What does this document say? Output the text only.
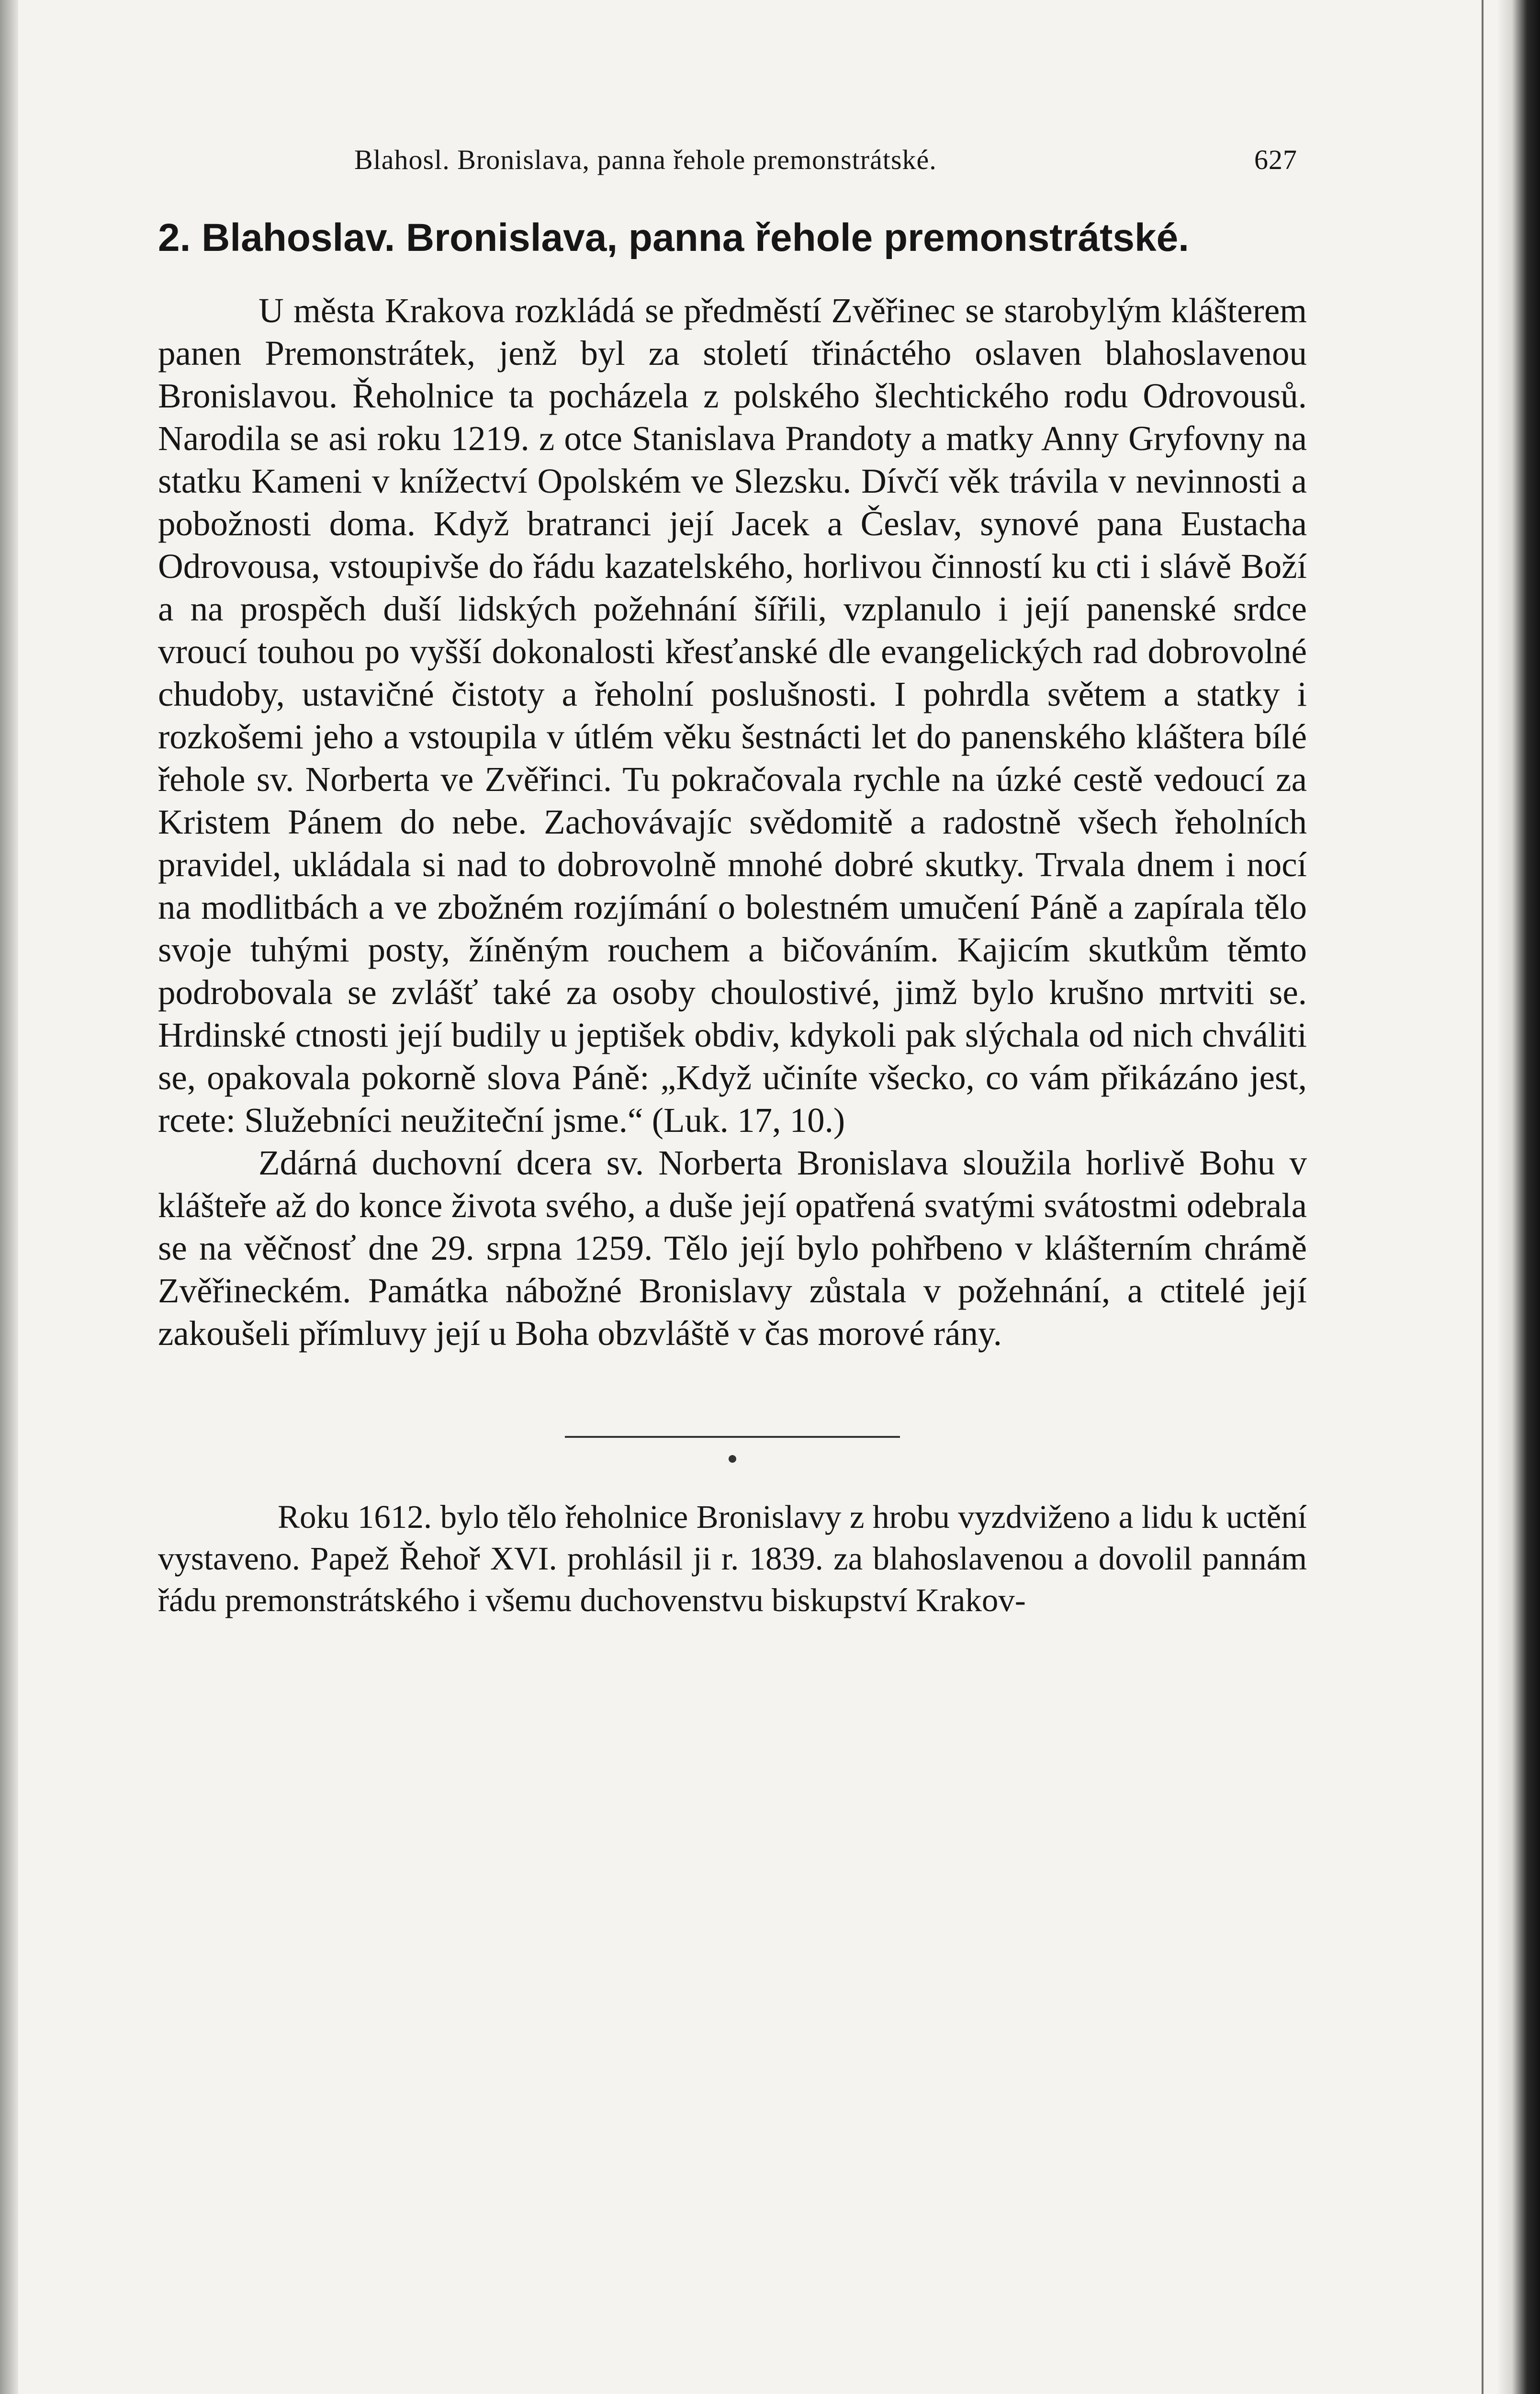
Blahosl. Bronislava, panna řehole premonstrátské.	627
2. Blahoslav. Bronislava, panna řehole premonstrátské.

U města Krakova rozkládá se předměstí Zvěřinec se starobylým klášterem panen Premonstrátek, jenž byl za století třináctého oslaven blahoslavenou Bronislavou. Řeholnice ta pocházela z polského šlechtického rodu Odrovousů. Narodila se asi roku 1219. z otce Stanislava Prandoty a matky Anny Gryfovny na statku Kameni v knížectví Opolském ve Slezsku. Dívčí věk trávila v nevinnosti a pobožnosti doma. Když bratranci její Jacek a Česlav, synové pana Eustacha Odrovousa, vstoupivše do řádu kazatelského, horlivou činností ku cti i slávě Boží a na prospěch duší lidských požehnání šířili, vzplanulo i její panenské srdce vroucí touhou po vyšší dokonalosti křesťanské dle evangelických rad dobrovolné chudoby, ustavičné čistoty a řeholní poslušnosti. I pohrdla světem a statky i rozkošemi jeho a vstoupila v útlém věku šestnácti let do panenského kláštera bílé řehole sv. Norberta ve Zvěřinci. Tu pokračovala rychle na úzké cestě vedoucí za Kristem Pánem do nebe. Zachovávajíc svědomitě a radostně všech řeholních pravidel, ukládala si nad to dobrovolně mnohé dobré skutky. Trvala dnem i nocí na modlitbách a ve zbožném rozjímání o bolestném umučení Páně a zapírala tělo svoje tuhými posty, žíněným rouchem a bičováním. Kajicím skutkům těmto podrobovala se zvlášť také za osoby choulostivé, jimž bylo krušno mrtviti se. Hrdinské ctnosti její budily u jeptišek obdiv, kdykoli pak slýchala od nich chváliti se, opakovala pokorně slova Páně: „Když učiníte všecko, co vám přikázáno jest, rcete: Služebníci neužiteční jsme.“ (Luk. 17, 10.)

Zdárná duchovní dcera sv. Norberta Bronislava sloužila horlivě Bohu v klášteře až do konce života svého, a duše její opatřená svatými svátostmi odebrala se na věčnosť dne 29. srpna 1259. Tělo její bylo pohřbeno v klášterním chrámě Zvěřineckém. Památka nábožné Bronislavy zůstala v požehnání, a ctitelé její zakoušeli přímluvy její u Boha obzvláště v čas morové rány.

Roku 1612. bylo tělo řeholnice Bronislavy z hrobu vyzdviženo a lidu k uctění vystaveno. Papež Řehoř XVI. prohlásil ji r. 1839. za blahoslavenou a dovolil pannám řádu premonstrátského i všemu duchovenstvu biskupství Krakov-
